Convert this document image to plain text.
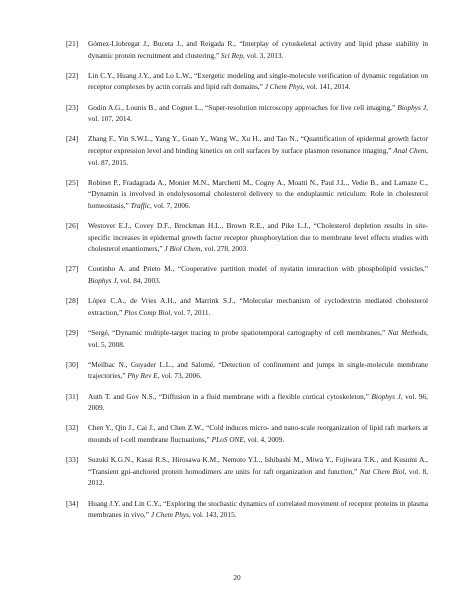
[21] Gómez-Llobregat J., Buceta J., and Reigada R., “Interplay of cytoskeletal activity and lipid phase stability in dynamic protein recruitment and clustering,” Sci Rep, vol. 3, 2013.
[22] Lin C.Y., Huang J.Y., and Lo L.W., “Exergetic modeling and single-molecule verification of dynamic regulation on receptor complexes by actin corrals and lipid raft domains,” J Chem Phys, vol. 141, 2014.
[23] Godin A.G., Lounis B., and Cognet L., “Super-resolution microscopy approaches for live cell imaging,” Biophys J, vol. 107, 2014.
[24] Zhang F., Yin S.W.L., Yang Y., Guan Y., Wang W., Xu H., and Tao N., “Quantification of epidermal growth factor receptor expression level and binding kinetics on cell surfaces by surface plasmon resonance imaging,” Anal Chem, vol. 87, 2015.
[25] Robinet P., Fradagrada A., Monier M.N., Marchetti M., Cogny A., Moatti N., Paul J.L., Vedie B., and Lamaze C., “Dynamin is involved in endolysosomal cholesterol delivery to the endoplasmic reticulum: Role in cholesterol homeostasis,” Traffic, vol. 7, 2006.
[26] Westover E.J., Covey D.F., Brockman H.L., Brown R.E., and Pike L.J., “Cholesterol depletion results in site-specific increases in epidermal growth factor receptor phosphorylation due to membrane level effects studies with cholesterol enantiomers,” J Biol Chem, vol. 278, 2003.
[27] Coutinho A. and Prieto M., “Cooperative partition model of nystatin interaction with phospholipid vesicles,” Biophys J, vol. 84, 2003.
[28] López C.A., de Vries A.H., and Marrink S.J., “Molecular mechanism of cyclodextrin mediated cholesterol extraction,” Plos Comp Biol, vol. 7, 2011.
[29] “Sergé, “Dynamic multiple-target tracing to probe spatiotemporal cartography of cell membranes,” Nat Methods, vol. 5, 2008.
[30] “Meilhac N., Guyader L.L., and Salomé, “Detection of confinement and jumps in single-molecule membrane trajectories,” Phy Rev E, vol. 73, 2006.
[31] Auth T. and Gov N.S., “Diffusion in a fluid membrane with a flexible cortical cytoskeleton,” Biophys J, vol. 96, 2009.
[32] Chen Y., Qin J., Cai J., and Chen Z.W., “Cold induces micro- and nano-scale reorganization of lipid raft markers at mounds of t-cell membrane fluctuations,” PLoS ONE, vol. 4, 2009.
[33] Suzuki K.G.N., Kasai R.S., Hirosawa K.M., Nemoto Y.L., Ishibashi M., Miwa Y., Fujiwara T.K., and Kusumi A., “Transient gpi-anchored protein homodimers are units for raft organization and function,” Nat Chem Biol, vol. 8, 2012.
[34] Huang J.Y. and Lin C.Y., “Exploring the stochastic dynamics of correlated movement of receptor proteins in plasma membranes in vivo,” J Chem Phys, vol. 143, 2015.
20
